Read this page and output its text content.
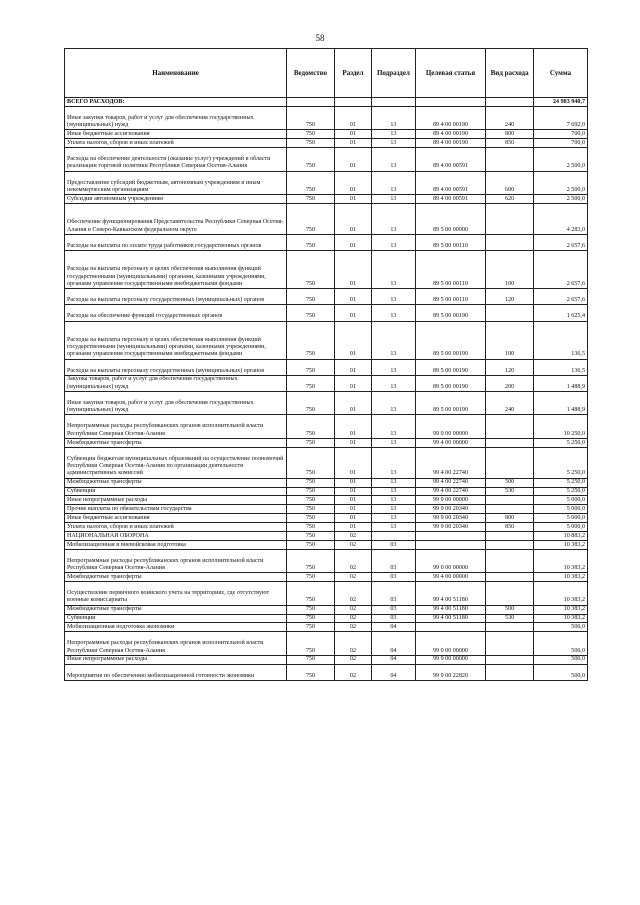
58
Наименование	Ведомство	Раздел	Подраздел	Целевая статья	Вид расхода	Сумма
ВСЕГО РАСХОДОВ:						24 983 940,7
Иные закупки товаров, работ и услуг для обеспечения государственных (муниципальных) нужд	750	01	13	89 4 00 00190	240	7 692,0
Иные бюджетные ассигнования	750	01	13	89 4 00 00190	800	700,0
Уплата налогов, сборов и иных платежей	750	01	13	89 4 00 00190	850	700,0
Расходы на обеспечение деятельности (оказание услуг) учреждений в области реализации торговой политики Республики Северная Осетия-Алания	750	01	13	89 4 00 00591		2 500,0
Предоставление субсидий бюджетным, автономным учреждениям и иным некоммерческим организациям	750	01	13	89 4 00 00591	600	2 500,0
Субсидии автономным учреждениям	750	01	13	89 4 00 00591	620	2 500,0
Обеспечение функционирования Представительства Республики Северная Осетия-Алания в Северо-Кавказском федеральном округе	750	01	13	89 5 00 00000		4 283,0
Расходы на выплаты по оплате труда работников государственных органов	750	01	13	89 5 00 00110		2 657,6
Расходы на выплаты персоналу в целях обеспечения выполнения функций государственными (муниципальными) органами, казенными учреждениями, органами управления государственными внебюджетными фондами	750	01	13	89 5 00 00110	100	2 657,6
Расходы на выплаты персоналу государственных (муниципальных) органов	750	01	13	89 5 00 00110	120	2 657,6
Расходы на обеспечение функций государственных органов	750	01	13	89 5 00 00190		1 625,4
Расходы на выплаты персоналу в целях обеспечения выполнения функций государственными (муниципальными) органами, казенными учреждениями, органами управления государственными внебюджетными фондами	750	01	13	89 5 00 00190	100	136,5
Расходы на выплаты персоналу государственных (муниципальных) органов	750	01	13	89 5 00 00190	120	136,5
Закупка товаров, работ и услуг для обеспечения государственных (муниципальных) нужд	750	01	13	89 5 00 00190	200	1 488,9
Иные закупки товаров, работ и услуг для обеспечения государственных (муниципальных) нужд	750	01	13	89 5 00 00190	240	1 488,9
Непрограммные расходы республиканских органов исполнительной власти Республики Северная Осетия-Алания	750	01	13	99 0 00 00000		10 250,0
Межбюджетные трансферты	750	01	13	99 4 00 00000		5 250,0
Субвенции бюджетам муниципальных образований на осуществление полномочий Республики Северная Осетия-Алания по организации деятельности административных комиссий	750	01	13	99 4 00 22740		5 250,0
Межбюджетные трансферты	750	01	13	99 4 00 22740	500	5 250,0
Субвенции	750	01	13	99 4 00 22740	530	5 250,0
Иные непрограммные расходы	750	01	13	99 9 00 00000		5 000,0
Прочие выплаты по обязательствам государства	750	01	13	99 9 00 20340		5 000,0
Иные бюджетные ассигнования	750	01	13	99 9 00 20340	800	5 000,0
Уплата налогов, сборов и иных платежей	750	01	13	99 9 00 20340	850	5 000,0
НАЦИОНАЛЬНАЯ ОБОРОНА	750	02				10 883,2
Мобилизационная и вневойсковая подготовка	750	02	03			10 383,2
Непрограммные расходы республиканских органов исполнительной власти Республики Северная Осетия-Алания	750	02	03	99 0 00 00000		10 383,2
Межбюджетные трансферты	750	02	03	99 4 00 00000		10 383,2
Осуществление первичного воинского учета на территориях, где отсутствуют военные комиссариаты	750	02	03	99 4 00 51180		10 383,2
Межбюджетные трансферты	750	02	03	99 4 00 51180	500	10 383,2
Субвенции	750	02	03	99 4 00 51180	530	10 383,2
Мобилизационная подготовка экономики	750	02	04			500,0
Непрограммные расходы республиканских органов исполнительной власти Республики Северная Осетия-Алания	750	02	04	99 0 00 00000		500,0
Иные непрограммные расходы	750	02	04	99 9 00 00000		500,0
Мероприятия по обеспечению мобилизационной готовности экономики	750	02	04	99 9 00 22820		500,0
